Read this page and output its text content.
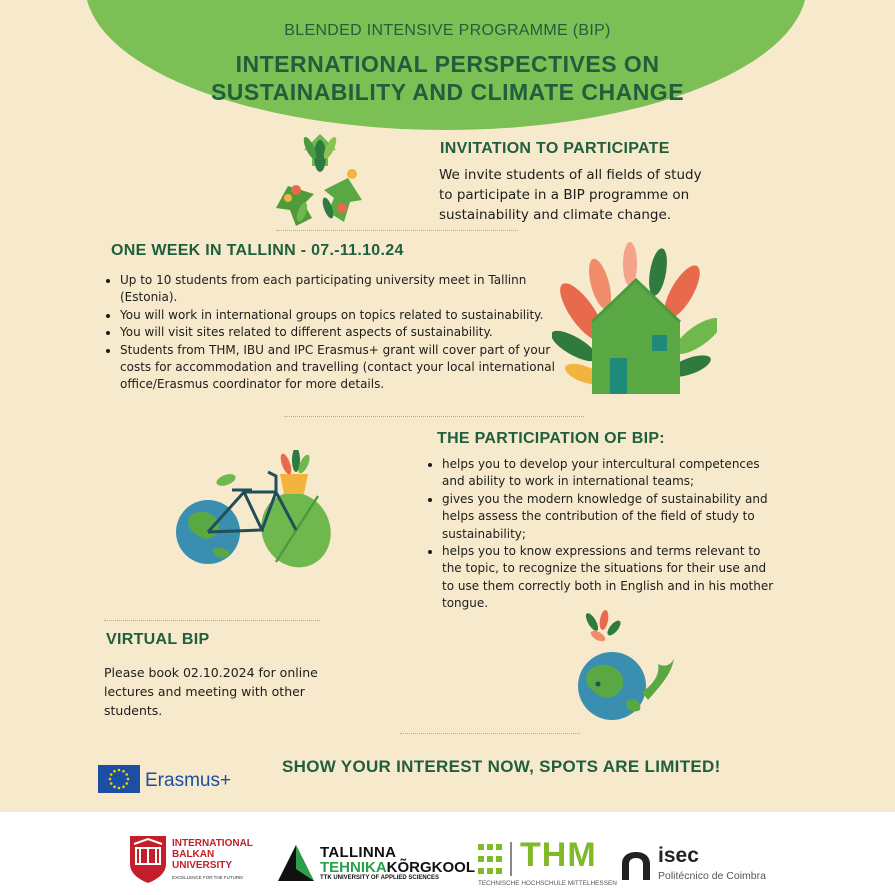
BLENDED INTENSIVE PROGRAMME (BIP)
INTERNATIONAL PERSPECTIVES ON
SUSTAINABILITY AND CLIMATE CHANGE
INVITATION TO PARTICIPATE
We invite students of all fields of study
to participate in a BIP programme on
sustainability and climate change.
ONE WEEK IN TALLINN - 07.-11.10.24
• Up to 10 students from each participating university meet in Tallinn (Estonia).
• You will work in international groups on topics related to sustainability.
• You will visit sites related to different aspects of sustainability.
• Students from THM, IBU and IPC Erasmus+ grant will cover part of your costs for accommodation and travelling (contact your local international office/Erasmus coordinator for more details.
THE PARTICIPATION OF BIP:
• helps you to develop your intercultural competences and ability to work in international teams;
• gives you the modern knowledge of sustainability and helps assess the contribution of the field of study to sustainability;
• helps you to know expressions and terms relevant to the topic, to recognize the situations for their use and to use them correctly both in English and in his mother tongue.
VIRTUAL BIP
Please book 02.10.2024 for online
lectures and meeting with other
students.
Erasmus+
SHOW YOUR INTEREST NOW, SPOTS ARE LIMITED!
INTERNATIONAL
BALKAN
UNIVERSITY
EXCELLENCE FOR THE FUTURE!
TALLINNA
TEHNIKAKÕRGKOOL
TTK UNIVERSITY OF APPLIED SCIENCES
THM
TECHNISCHE HOCHSCHULE MITTELHESSEN
isec
Politécnico de Coimbra
